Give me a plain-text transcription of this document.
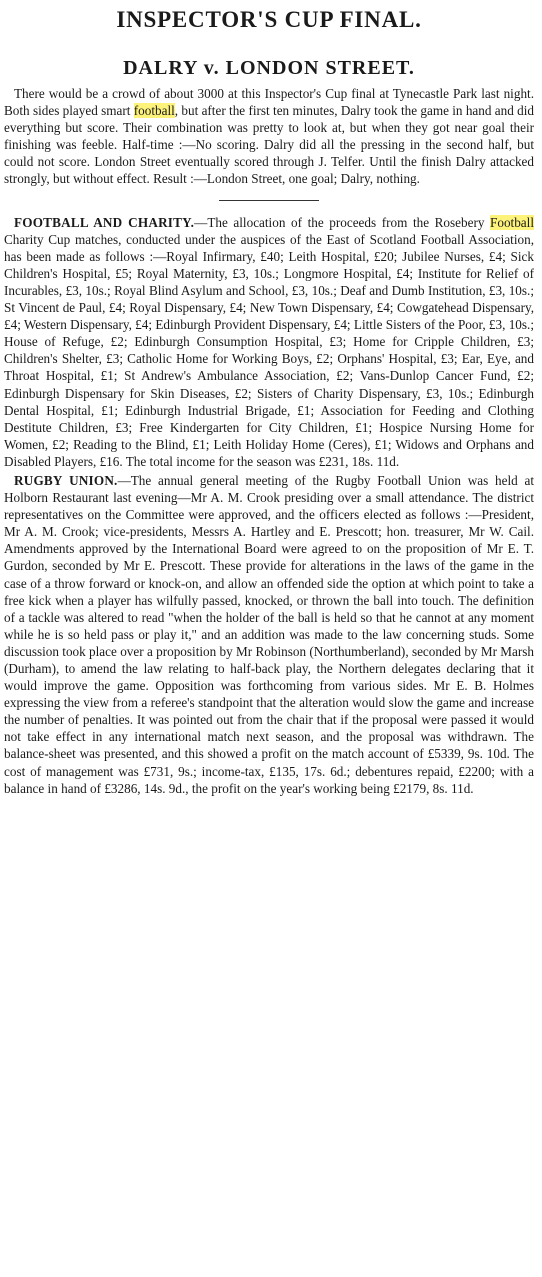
INSPECTOR'S CUP FINAL.
DALRY v. LONDON STREET.

There would be a crowd of about 3000 at this Inspector's Cup final at Tynecastle Park last night. Both sides played smart football, but after the first ten minutes, Dalry took the game in hand and did everything but score. Their combination was pretty to look at, but when they got near goal their finishing was feeble. Half-time :—No scoring. Dalry did all the pressing in the second half, but could not score. London Street eventually scored through J. Telfer. Until the finish Dalry attacked strongly, but without effect. Result :—London Street, one goal; Dalry, nothing.

FOOTBALL AND CHARITY.—The allocation of the proceeds from the Rosebery Football Charity Cup matches, conducted under the auspices of the East of Scotland Football Association, has been made as follows :—Royal Infirmary, £40; Leith Hospital, £20; Jubilee Nurses, £4; Sick Children's Hospital, £5; Royal Maternity, £3, 10s.; Longmore Hospital, £4; Institute for Relief of Incurables, £3, 10s.; Royal Blind Asylum and School, £3, 10s.; Deaf and Dumb Institution, £3, 10s.; St Vincent de Paul, £4; Royal Dispensary, £4; New Town Dispensary, £4; Cowgatehead Dispensary, £4; Western Dispensary, £4; Edinburgh Provident Dispensary, £4; Little Sisters of the Poor, £3, 10s.; House of Refuge, £2; Edinburgh Consumption Hospital, £3; Home for Cripple Children, £3; Children's Shelter, £3; Catholic Home for Working Boys, £2; Orphans' Hospital, £3; Ear, Eye, and Throat Hospital, £1; St Andrew's Ambulance Association, £2; Vans-Dunlop Cancer Fund, £2; Edinburgh Dispensary for Skin Diseases, £2; Sisters of Charity Dispensary, £3, 10s.; Edinburgh Dental Hospital, £1; Edinburgh Industrial Brigade, £1; Association for Feeding and Clothing Destitute Children, £3; Free Kindergarten for City Children, £1; Hospice Nursing Home for Women, £2; Reading to the Blind, £1; Leith Holiday Home (Ceres), £1; Widows and Orphans and Disabled Players, £16. The total income for the season was £231, 18s. 11d.

RUGBY UNION.—The annual general meeting of the Rugby Football Union was held at Holborn Restaurant last evening—Mr A. M. Crook presiding over a small attendance. The district representatives on the Committee were approved, and the officers elected as follows :—President, Mr A. M. Crook; vice-presidents, Messrs A. Hartley and E. Prescott; hon. treasurer, Mr W. Cail. Amendments approved by the International Board were agreed to on the proposition of Mr E. T. Gurdon, seconded by Mr E. Prescott. These provide for alterations in the laws of the game in the case of a throw forward or knock-on, and allow an offended side the option at which point to take a free kick when a player has wilfully passed, knocked, or thrown the ball into touch. The definition of a tackle was altered to read "when the holder of the ball is held so that he cannot at any moment while he is so held pass or play it," and an addition was made to the law concerning studs. Some discussion took place over a proposition by Mr Robinson (Northumberland), seconded by Mr Marsh (Durham), to amend the law relating to half-back play, the Northern delegates declaring that it would improve the game. Opposition was forthcoming from various sides. Mr E. B. Holmes expressing the view from a referee's standpoint that the alteration would slow the game and increase the number of penalties. It was pointed out from the chair that if the proposal were passed it would not take effect in any international match next season, and the proposal was withdrawn. The balance-sheet was presented, and this showed a profit on the match account of £5339, 9s. 10d. The cost of management was £731, 9s.; income-tax, £135, 17s. 6d.; debentures repaid, £2200; with a balance in hand of £3286, 14s. 9d., the profit on the year's working being £2179, 8s. 11d.
